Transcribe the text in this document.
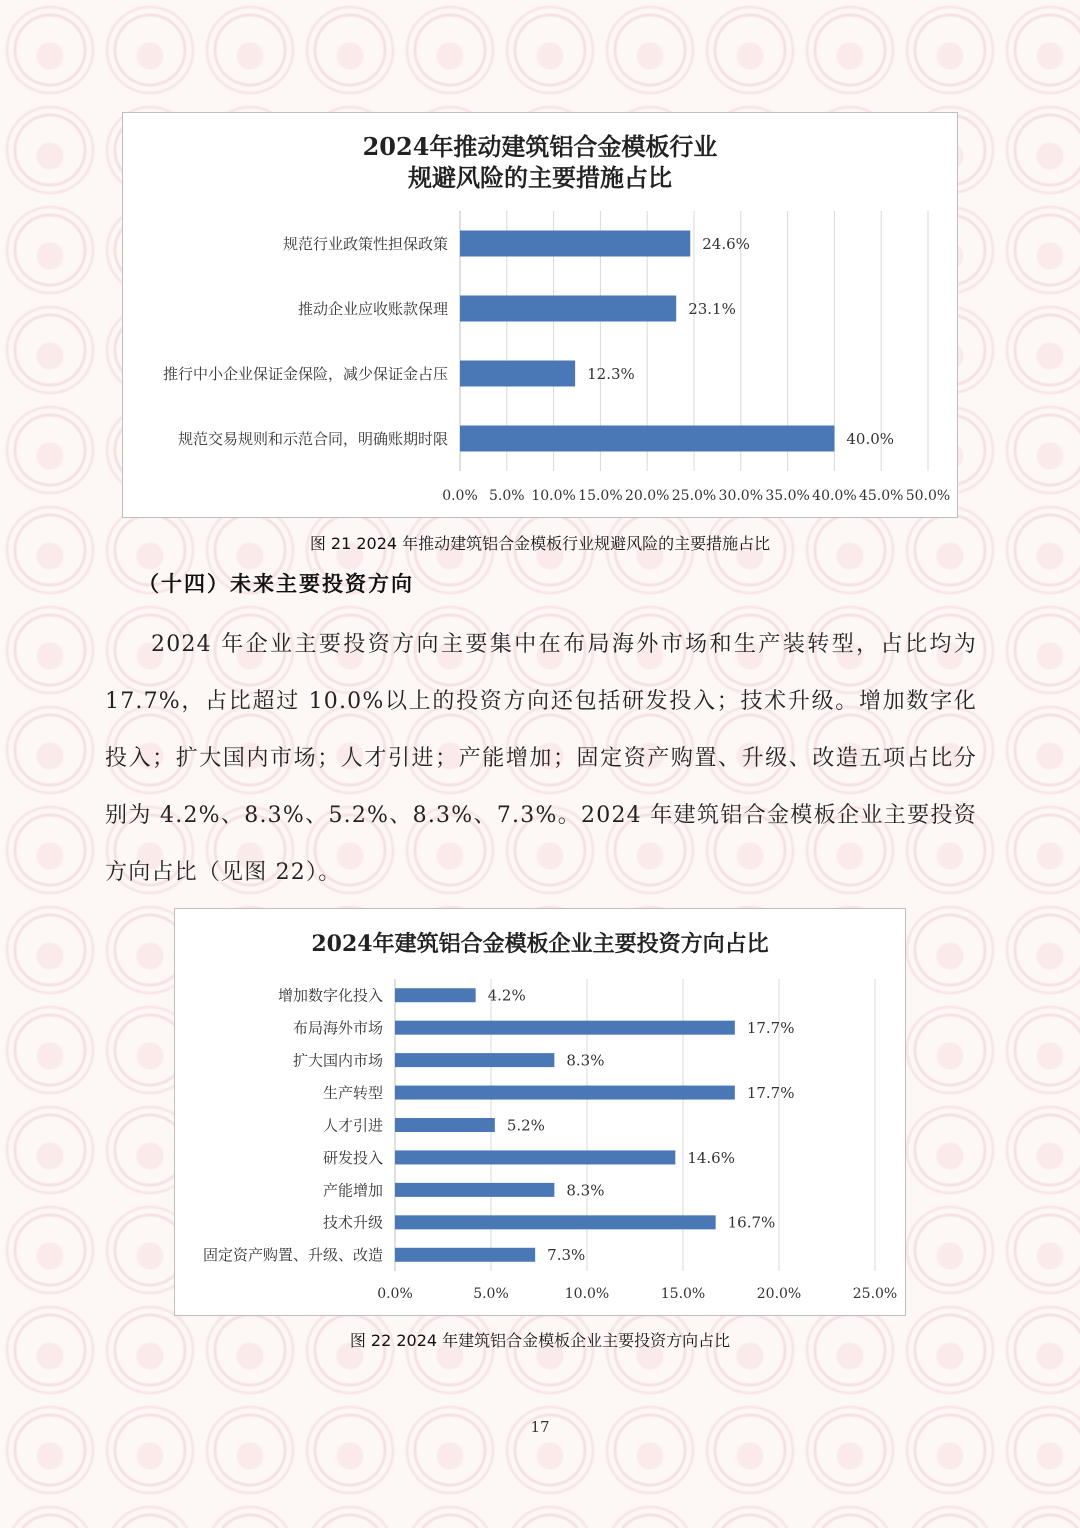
2024年推动建筑铝合金模板行业
规避风险的主要措施占比
0.0% 5.0% 10.0% 15.0% 20.0% 25.0% 30.0% 35.0% 40.0% 45.0% 50.0%
规范行业政策性担保政策	24.6%
推动企业应收账款保理	23.1%
推行中小企业保证金保险，减少保证金占压	12.3%
规范交易规则和示范合同，明确账期时限	40.0%
图 21 2024 年推动建筑铝合金模板行业规避风险的主要措施占比
（十四）未来主要投资方向

2024 年企业主要投资方向主要集中在布局海外市场和生产装转型，占比均为 17.7%，占比超过 10.0%以上的投资方向还包括研发投入；技术升级。增加数字化投入；扩大国内市场；人才引进；产能增加；固定资产购置、升级、改造五项占比分别为 4.2%、8.3%、5.2%、8.3%、7.3%。2024 年建筑铝合金模板企业主要投资方向占比（见图 22）。

2024年建筑铝合金模板企业主要投资方向占比
0.0%	5.0%	10.0%	15.0%	20.0%	25.0%
增加数字化投入	4.2%
布局海外市场	17.7%
扩大国内市场	8.3%
生产转型	17.7%
人才引进	5.2%
研发投入	14.6%
产能增加	8.3%
技术升级	16.7%
固定资产购置、升级、改造	7.3%
图 22 2024 年建筑铝合金模板企业主要投资方向占比
17
